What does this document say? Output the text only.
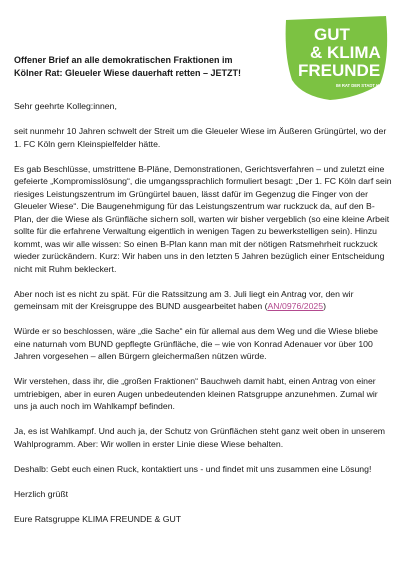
GUT
& KLIMA
FREUNDE
IM RAT DER STADT KÖLN
Offener Brief an alle demokratischen Fraktionen im
Kölner Rat: Gleueler Wiese dauerhaft retten – JETZT!

Sehr geehrte Kolleg:innen,

seit nunmehr 10 Jahren schwelt der Streit um die Gleueler Wiese im Äußeren Grüngürtel, wo der 1. FC Köln gern Kleinspielfelder hätte.

Es gab Beschlüsse, umstrittene B-Pläne, Demonstrationen, Gerichtsverfahren – und zuletzt eine gefeierte „Kompromisslösung“, die umgangssprachlich formuliert besagt: „Der 1. FC Köln darf sein riesiges Leistungszentrum im Grüngürtel bauen, lässt dafür im Gegenzug die Finger von der Gleueler Wiese“. Die Baugenehmigung für das Leistungszentrum war ruckzuck da, auf den B-Plan, der die Wiese als Grünfläche sichern soll, warten wir bisher vergeblich (so eine kleine Arbeit sollte für die erfahrene Verwaltung eigentlich in wenigen Tagen zu bewerkstelligen sein). Hinzu kommt, was wir alle wissen: So einen B-Plan kann man mit der nötigen Ratsmehrheit ruckzuck wieder zurückändern. Kurz: Wir haben uns in den letzten 5 Jahren bezüglich einer Entscheidung nicht mit Ruhm bekleckert.

Aber noch ist es nicht zu spät. Für die Ratssitzung am 3. Juli liegt ein Antrag vor, den wir gemeinsam mit der Kreisgruppe des BUND ausgearbeitet haben (AN/0976/2025)

Würde er so beschlossen, wäre „die Sache“ ein für allemal aus dem Weg und die Wiese bliebe eine naturnah vom BUND gepflegte Grünfläche, die – wie von Konrad Adenauer vor über 100 Jahren vorgesehen – allen Bürgern gleichermaßen nützen würde.

Wir verstehen, dass ihr, die „großen Fraktionen“ Bauchweh damit habt, einen Antrag von einer umtriebigen, aber in euren Augen unbedeutenden kleinen Ratsgruppe anzunehmen. Zumal wir uns ja auch noch im Wahlkampf befinden.

Ja, es ist Wahlkampf. Und auch ja, der Schutz von Grünflächen steht ganz weit oben in unserem Wahlprogramm. Aber: Wir wollen in erster Linie diese Wiese behalten.

Deshalb: Gebt euch einen Ruck, kontaktiert uns - und findet mit uns zusammen eine Lösung!

Herzlich grüßt

Eure Ratsgruppe KLIMA FREUNDE & GUT
